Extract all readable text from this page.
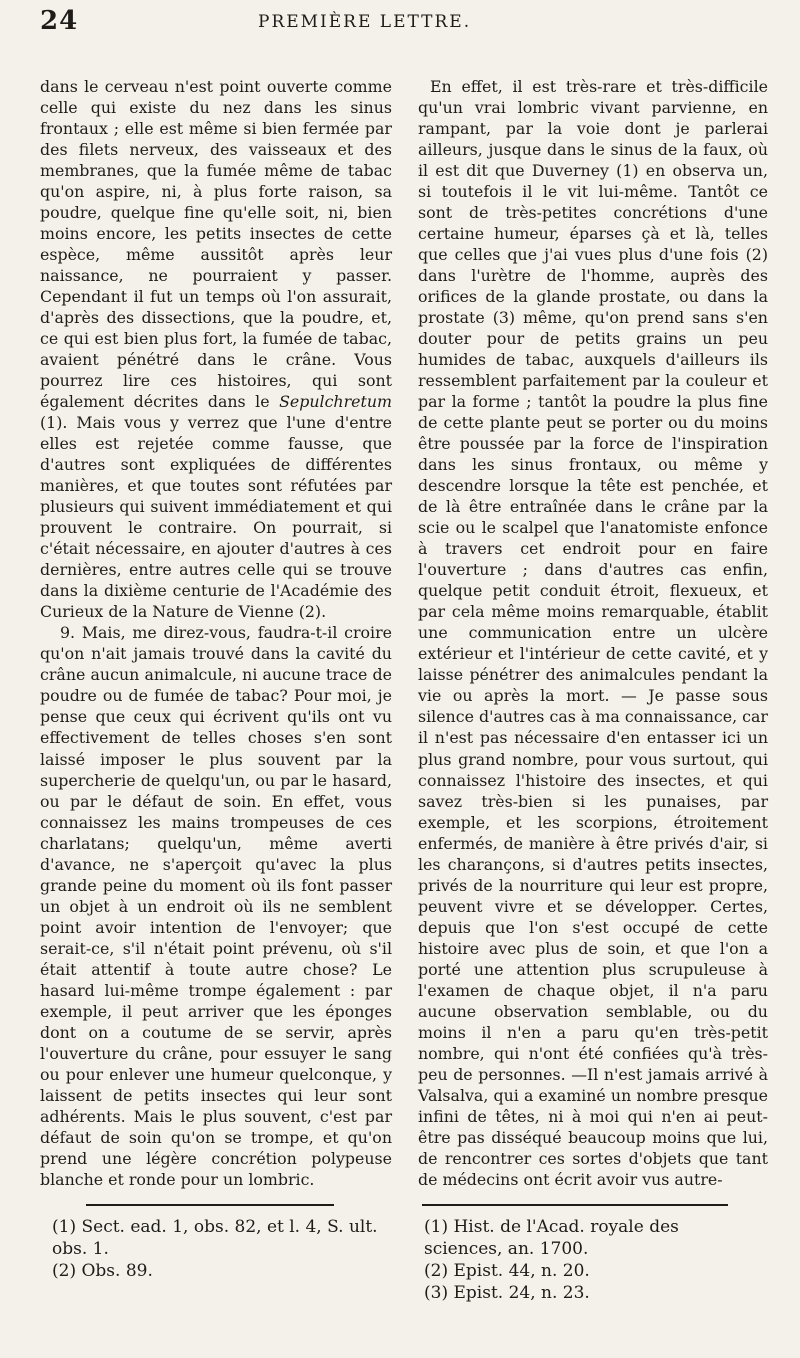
24	PREMIÈRE LETTRE.

dans le cerveau n'est point ouverte comme celle qui existe du nez dans les sinus frontaux ; elle est même si bien fermée par des filets nerveux, des vaisseaux et des membranes, que la fumée même de tabac qu'on aspire, ni, à plus forte raison, sa poudre, quelque fine qu'elle soit, ni, bien moins encore, les petits insectes de cette espèce, même aussitôt après leur naissance, ne pourraient y passer. Cependant il fut un temps où l'on assurait, d'après des dissections, que la poudre, et, ce qui est bien plus fort, la fumée de tabac, avaient pénétré dans le crâne. Vous pourrez lire ces histoires, qui sont également décrites dans le Sepulchretum (1). Mais vous y verrez que l'une d'entre elles est rejetée comme fausse, que d'autres sont expliquées de différentes manières, et que toutes sont réfutées par plusieurs qui suivent immédiatement et qui prouvent le contraire. On pourrait, si c'était nécessaire, en ajouter d'autres à ces dernières, entre autres celle qui se trouve dans la dixième centurie de l'Académie des Curieux de la Nature de Vienne (2).

9. Mais, me direz-vous, faudra-t-il croire qu'on n'ait jamais trouvé dans la cavité du crâne aucun animalcule, ni aucune trace de poudre ou de fumée de tabac? Pour moi, je pense que ceux qui écrivent qu'ils ont vu effectivement de telles choses s'en sont laissé imposer le plus souvent par la supercherie de quelqu'un, ou par le hasard, ou par le défaut de soin. En effet, vous connaissez les mains trompeuses de ces charlatans; quelqu'un, même averti d'avance, ne s'aperçoit qu'avec la plus grande peine du moment où ils font passer un objet à un endroit où ils ne semblent point avoir intention de l'envoyer; que serait-ce, s'il n'était point prévenu, où s'il était attentif à toute autre chose? Le hasard lui-même trompe également : par exemple, il peut arriver que les éponges dont on a coutume de se servir, après l'ouverture du crâne, pour essuyer le sang ou pour enlever une humeur quelconque, y laissent de petits insectes qui leur sont adhérents. Mais le plus souvent, c'est par défaut de soin qu'on se trompe, et qu'on prend une légère concrétion polypeuse blanche et ronde pour un lombric.

(1) Sect. ead. 1, obs. 82, et l. 4, S. ult. obs. 1.
(2) Obs. 89.

En effet, il est très-rare et très-difficile qu'un vrai lombric vivant parvienne, en rampant, par la voie dont je parlerai ailleurs, jusque dans le sinus de la faux, où il est dit que Duverney (1) en observa un, si toutefois il le vit lui-même. Tantôt ce sont de très-petites concrétions d'une certaine humeur, éparses çà et là, telles que celles que j'ai vues plus d'une fois (2) dans l'urètre de l'homme, auprès des orifices de la glande prostate, ou dans la prostate (3) même, qu'on prend sans s'en douter pour de petits grains un peu humides de tabac, auxquels d'ailleurs ils ressemblent parfaitement par la couleur et par la forme ; tantôt la poudre la plus fine de cette plante peut se porter ou du moins être poussée par la force de l'inspiration dans les sinus frontaux, ou même y descendre lorsque la tête est penchée, et de là être entraînée dans le crâne par la scie ou le scalpel que l'anatomiste enfonce à travers cet endroit pour en faire l'ouverture ; dans d'autres cas enfin, quelque petit conduit étroit, flexueux, et par cela même moins remarquable, établit une communication entre un ulcère extérieur et l'intérieur de cette cavité, et y laisse pénétrer des animalcules pendant la vie ou après la mort. — Je passe sous silence d'autres cas à ma connaissance, car il n'est pas nécessaire d'en entasser ici un plus grand nombre, pour vous surtout, qui connaissez l'histoire des insectes, et qui savez très-bien si les punaises, par exemple, et les scorpions, étroitement enfermés, de manière à être privés d'air, si les charançons, si d'autres petits insectes, privés de la nourriture qui leur est propre, peuvent vivre et se développer. Certes, depuis que l'on s'est occupé de cette histoire avec plus de soin, et que l'on a porté une attention plus scrupuleuse à l'examen de chaque objet, il n'a paru aucune observation semblable, ou du moins il n'en a paru qu'en très-petit nombre, qui n'ont été confiées qu'à très-peu de personnes. —Il n'est jamais arrivé à Valsalva, qui a examiné un nombre presque infini de têtes, ni à moi qui n'en ai peut-être pas disséqué beaucoup moins que lui, de rencontrer ces sortes d'objets que tant de médecins ont écrit avoir vus autre-

(1) Hist. de l'Acad. royale des sciences, an. 1700.
(2) Epist. 44, n. 20.
(3) Epist. 24, n. 23.
